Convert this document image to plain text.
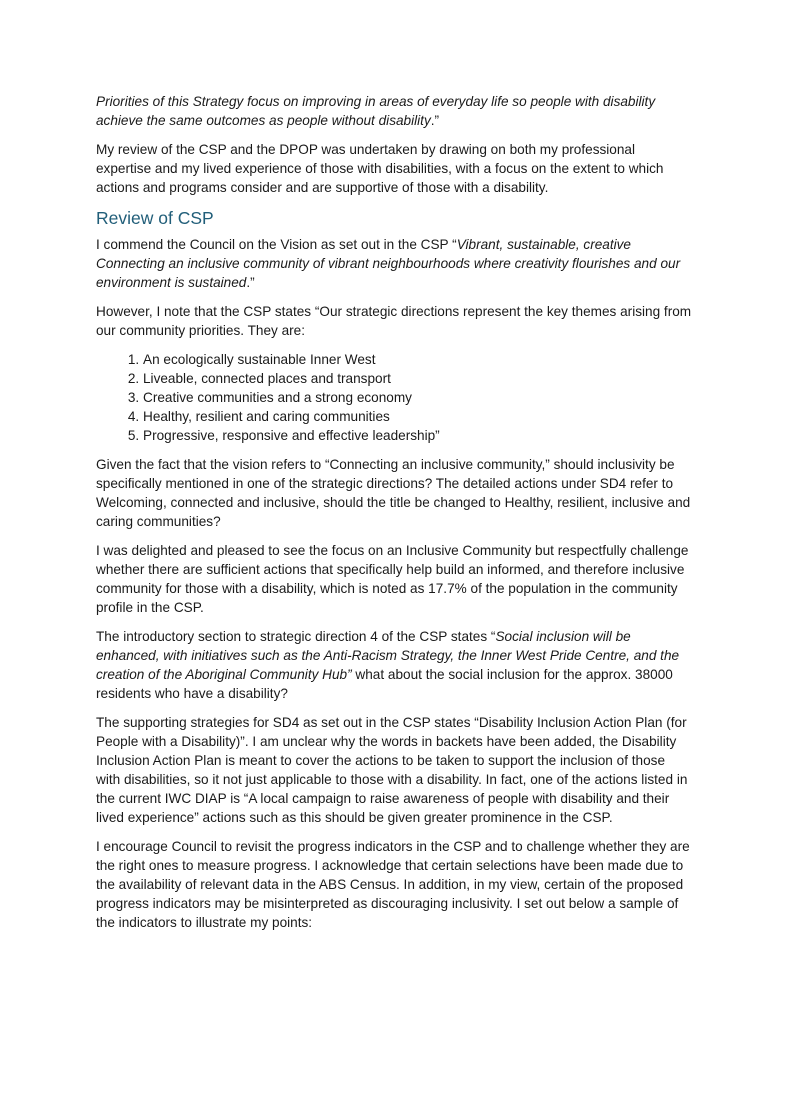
Priorities of this Strategy focus on improving in areas of everyday life so people with disability achieve the same outcomes as people without disability.”

My review of the CSP and the DPOP was undertaken by drawing on both my professional expertise and my lived experience of those with disabilities, with a focus on the extent to which actions and programs consider and are supportive of those with a disability.

Review of CSP

I commend the Council on the Vision as set out in the CSP “Vibrant, sustainable, creative Connecting an inclusive community of vibrant neighbourhoods where creativity flourishes and our environment is sustained.”

However, I note that the CSP states “Our strategic directions represent the key themes arising from our community priorities. They are:

1. An ecologically sustainable Inner West
2. Liveable, connected places and transport
3. Creative communities and a strong economy
4. Healthy, resilient and caring communities
5. Progressive, responsive and effective leadership”

Given the fact that the vision refers to “Connecting an inclusive community,” should inclusivity be specifically mentioned in one of the strategic directions? The detailed actions under SD4 refer to Welcoming, connected and inclusive, should the title be changed to Healthy, resilient, inclusive and caring communities?

I was delighted and pleased to see the focus on an Inclusive Community but respectfully challenge whether there are sufficient actions that specifically help build an informed, and therefore inclusive community for those with a disability, which is noted as 17.7% of the population in the community profile in the CSP.

The introductory section to strategic direction 4 of the CSP states “Social inclusion will be enhanced, with initiatives such as the Anti-Racism Strategy, the Inner West Pride Centre, and the creation of the Aboriginal Community Hub” what about the social inclusion for the approx. 38000 residents who have a disability?

The supporting strategies for SD4 as set out in the CSP states “Disability Inclusion Action Plan (for People with a Disability)”. I am unclear why the words in backets have been added, the Disability Inclusion Action Plan is meant to cover the actions to be taken to support the inclusion of those with disabilities, so it not just applicable to those with a disability. In fact, one of the actions listed in the current IWC DIAP is “A local campaign to raise awareness of people with disability and their lived experience” actions such as this should be given greater prominence in the CSP.

I encourage Council to revisit the progress indicators in the CSP and to challenge whether they are the right ones to measure progress. I acknowledge that certain selections have been made due to the availability of relevant data in the ABS Census. In addition, in my view, certain of the proposed progress indicators may be misinterpreted as discouraging inclusivity. I set out below a sample of the indicators to illustrate my points:
